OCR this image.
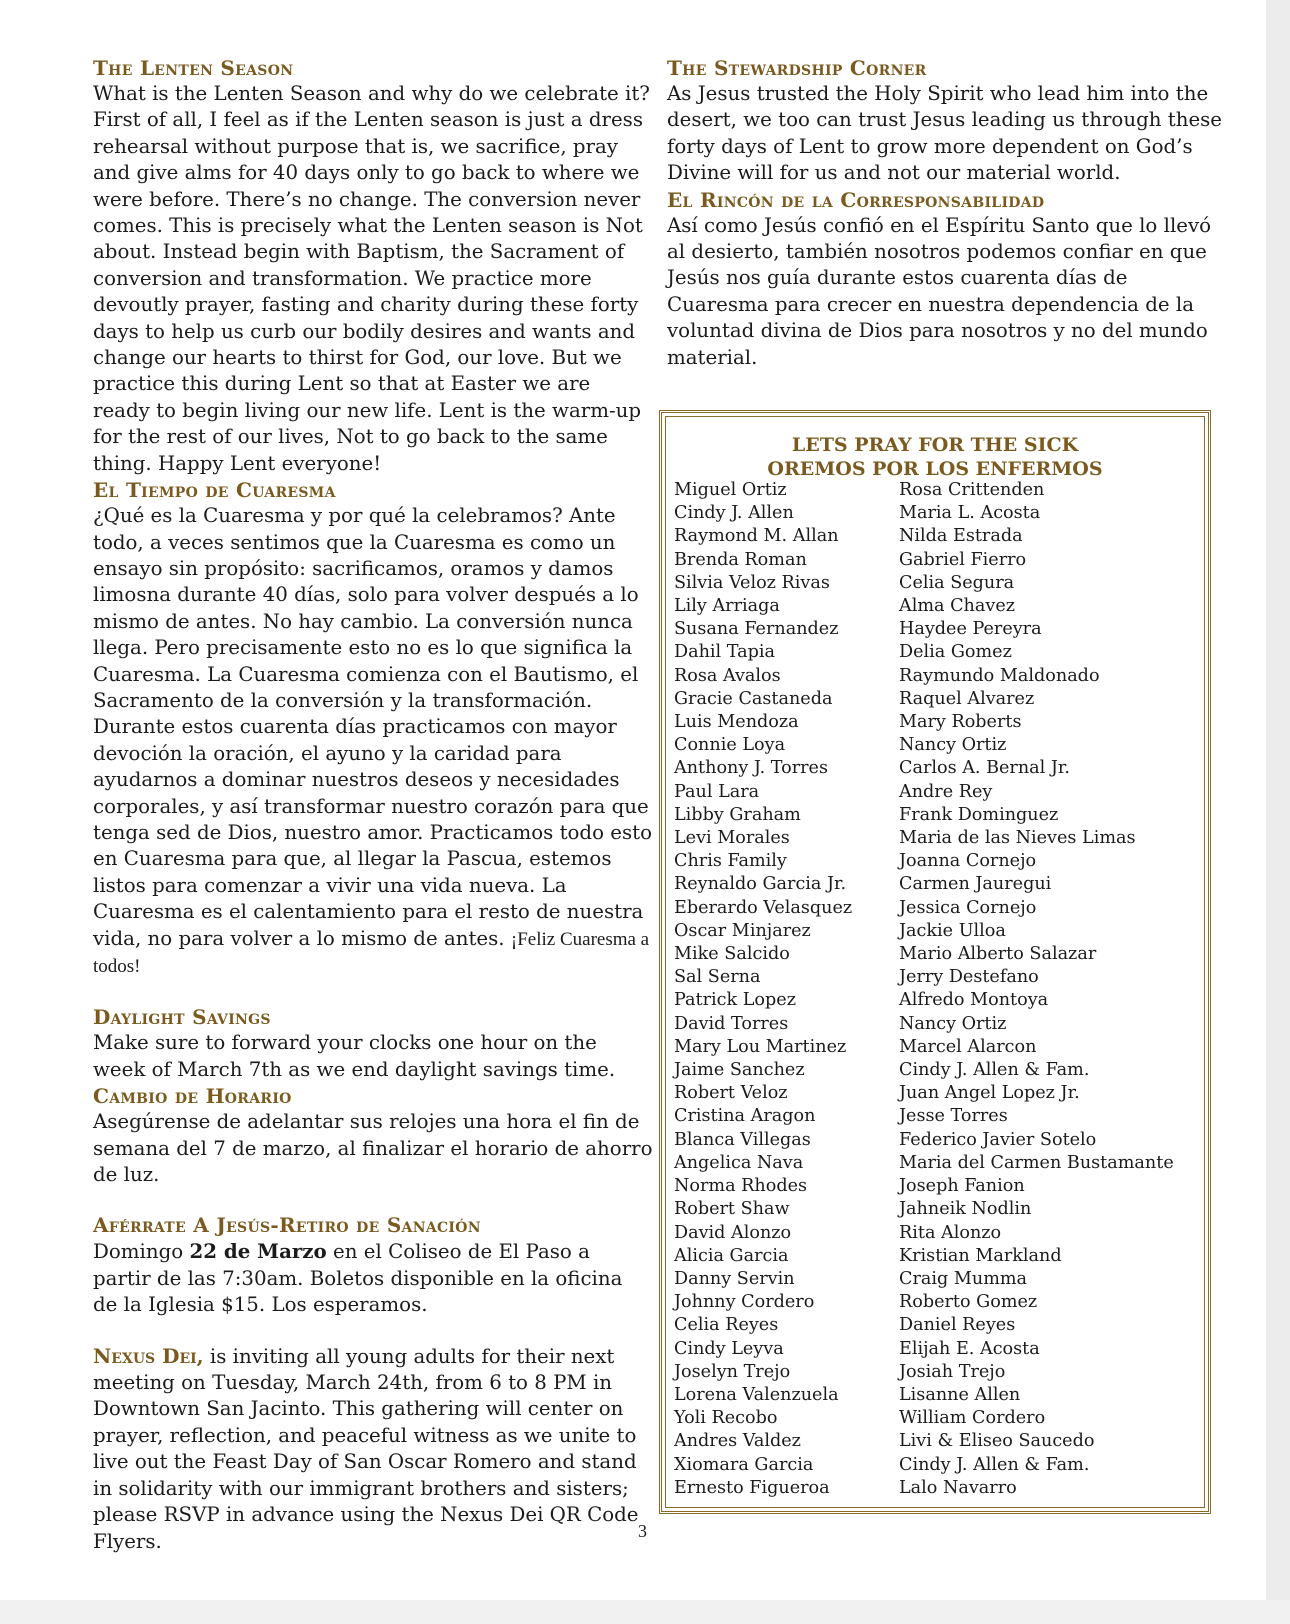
The Lenten Season

What is the Lenten Season and why do we celebrate it? First of all, I feel as if the Lenten season is just a dress rehearsal without purpose that is, we sacrifice, pray and give alms for 40 days only to go back to where we were before. There’s no change. The conversion never comes. This is precisely what the Lenten season is Not about. Instead begin with Baptism, the Sacrament of conversion and transformation. We practice more devoutly prayer, fasting and charity during these forty days to help us curb our bodily desires and wants and change our hearts to thirst for God, our love. But we practice this during Lent so that at Easter we are ready to begin living our new life. Lent is the warm-up for the rest of our lives, Not to go back to the same thing. Happy Lent everyone!

El Tiempo de Cuaresma

¿Qué es la Cuaresma y por qué la celebramos? Ante todo, a veces sentimos que la Cuaresma es como un ensayo sin propósito: sacrificamos, oramos y damos limosna durante 40 días, solo para volver después a lo mismo de antes. No hay cambio. La conversión nunca llega. Pero precisamente esto no es lo que significa la Cuaresma. La Cuaresma comienza con el Bautismo, el Sacramento de la conversión y la transformación. Durante estos cuarenta días practicamos con mayor devoción la oración, el ayuno y la caridad para ayudarnos a dominar nuestros deseos y necesidades corporales, y así transformar nuestro corazón para que tenga sed de Dios, nuestro amor. Practicamos todo esto en Cuaresma para que, al llegar la Pascua, estemos listos para comenzar a vivir una vida nueva. La Cuaresma es el calentamiento para el resto de nuestra vida, no para volver a lo mismo de antes. ¡Feliz Cuaresma a todos!

Daylight Savings

Make sure to forward your clocks one hour on the week of March 7th as we end daylight savings time.

Cambio de Horario

Asegúrense de adelantar sus relojes una hora el fin de semana del 7 de marzo, al finalizar el horario de ahorro de luz.

Aférrate A Jesús-Retiro de Sanación

Domingo 22 de Marzo en el Coliseo de El Paso a partir de las 7:30am. Boletos disponible en la oficina de la Iglesia $15. Los esperamos.

Nexus Dei, is inviting all young adults for their next meeting on Tuesday, March 24th, from 6 to 8 PM in Downtown San Jacinto. This gathering will center on prayer, reflection, and peaceful witness as we unite to live out the Feast Day of San Oscar Romero and stand in solidarity with our immigrant brothers and sisters; please RSVP in advance using the Nexus Dei QR Code Flyers.

The Stewardship Corner

As Jesus trusted the Holy Spirit who lead him into the desert, we too can trust Jesus leading us through these forty days of Lent to grow more dependent on God’s Divine will for us and not our material world.

El Rincón de la Corresponsabilidad

Así como Jesús confió en el Espíritu Santo que lo llevó al desierto, también nosotros podemos confiar en que Jesús nos guía durante estos cuarenta días de Cuaresma para crecer en nuestra dependencia de la voluntad divina de Dios para nosotros y no del mundo material.

LETS PRAY FOR THE SICK
OREMOS POR LOS ENFERMOS
Miguel Ortiz
Cindy J. Allen
Raymond M. Allan
Brenda Roman
Silvia Veloz Rivas
Lily Arriaga
Susana Fernandez
Dahil Tapia
Rosa Avalos
Gracie Castaneda
Luis Mendoza
Connie Loya
Anthony J. Torres
Paul Lara
Libby Graham
Levi Morales
Chris Family
Reynaldo Garcia Jr.
Eberardo Velasquez
Oscar Minjarez
Mike Salcido
Sal Serna
Patrick Lopez
David Torres
Mary Lou Martinez
Jaime Sanchez
Robert Veloz
Cristina Aragon
Blanca Villegas
Angelica Nava
Norma Rhodes
Robert Shaw
David Alonzo
Alicia Garcia
Danny Servin
Johnny Cordero
Celia Reyes
Cindy Leyva
Joselyn Trejo
Lorena Valenzuela
Yoli Recobo
Andres Valdez
Xiomara Garcia
Ernesto Figueroa
Rosa Crittenden
Maria L. Acosta
Nilda Estrada
Gabriel Fierro
Celia Segura
Alma Chavez
Haydee Pereyra
Delia Gomez
Raymundo Maldonado
Raquel Alvarez
Mary Roberts
Nancy Ortiz
Carlos A. Bernal Jr.
Andre Rey
Frank Dominguez
Maria de las Nieves Limas
Joanna Cornejo
Carmen Jauregui
Jessica Cornejo
Jackie Ulloa
Mario Alberto Salazar
Jerry Destefano
Alfredo Montoya
Nancy Ortiz
Marcel Alarcon
Cindy J. Allen & Fam.
Juan Angel Lopez Jr.
Jesse Torres
Federico Javier Sotelo
Maria del Carmen Bustamante
Joseph Fanion
Jahneik Nodlin
Rita Alonzo
Kristian Markland
Craig Mumma
Roberto Gomez
Daniel Reyes
Elijah E. Acosta
Josiah Trejo
Lisanne Allen
William Cordero
Livi & Eliseo Saucedo
Cindy J. Allen & Fam.
Lalo Navarro
3
